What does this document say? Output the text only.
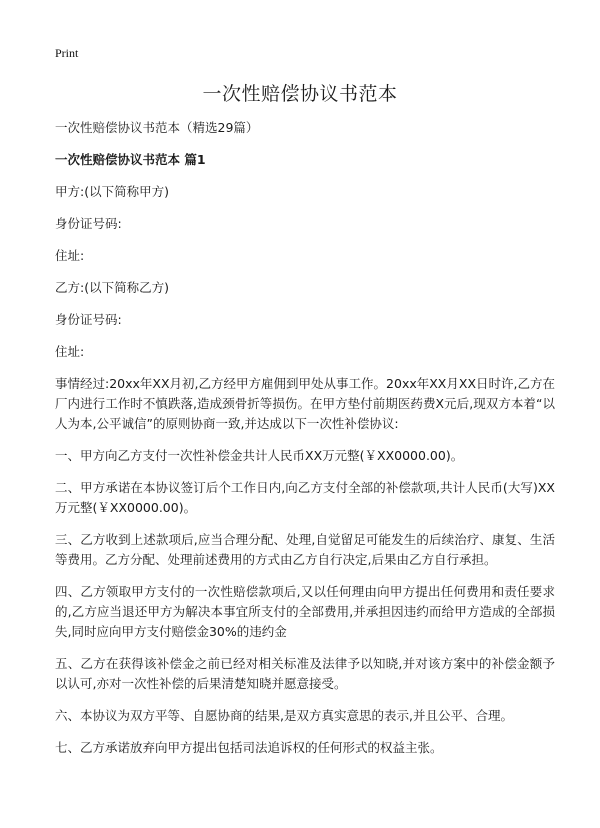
Print
一次性赔偿协议书范本

一次性赔偿协议书范本（精选29篇）

一次性赔偿协议书范本 篇1

甲方:(以下简称甲方)

身份证号码:

住址:

乙方:(以下简称乙方)

身份证号码:

住址:

事情经过:20xx年XX月初,乙方经甲方雇佣到甲处从事工作。20xx年XX月XX日时许,乙方在厂内进行工作时不慎跌落,造成颈骨折等损伤。在甲方垫付前期医药费X元后,现双方本着“以人为本,公平诚信”的原则协商一致,并达成以下一次性补偿协议:

一、甲方向乙方支付一次性补偿金共计人民币XX万元整(￥XX0000.00)。

二、甲方承诺在本协议签订后个工作日内,向乙方支付全部的补偿款项,共计人民币(大写)XX万元整(￥XX0000.00)。

三、乙方收到上述款项后,应当合理分配、处理,自觉留足可能发生的后续治疗、康复、生活等费用。乙方分配、处理前述费用的方式由乙方自行决定,后果由乙方自行承担。

四、乙方领取甲方支付的一次性赔偿款项后,又以任何理由向甲方提出任何费用和责任要求的,乙方应当退还甲方为解决本事宜所支付的全部费用,并承担因违约而给甲方造成的全部损失,同时应向甲方支付赔偿金30%的违约金

五、乙方在获得该补偿金之前已经对相关标准及法律予以知晓,并对该方案中的补偿金额予以认可,亦对一次性补偿的后果清楚知晓并愿意接受。

六、本协议为双方平等、自愿协商的结果,是双方真实意思的表示,并且公平、合理。

七、乙方承诺放弃向甲方提出包括司法追诉权的任何形式的权益主张。
